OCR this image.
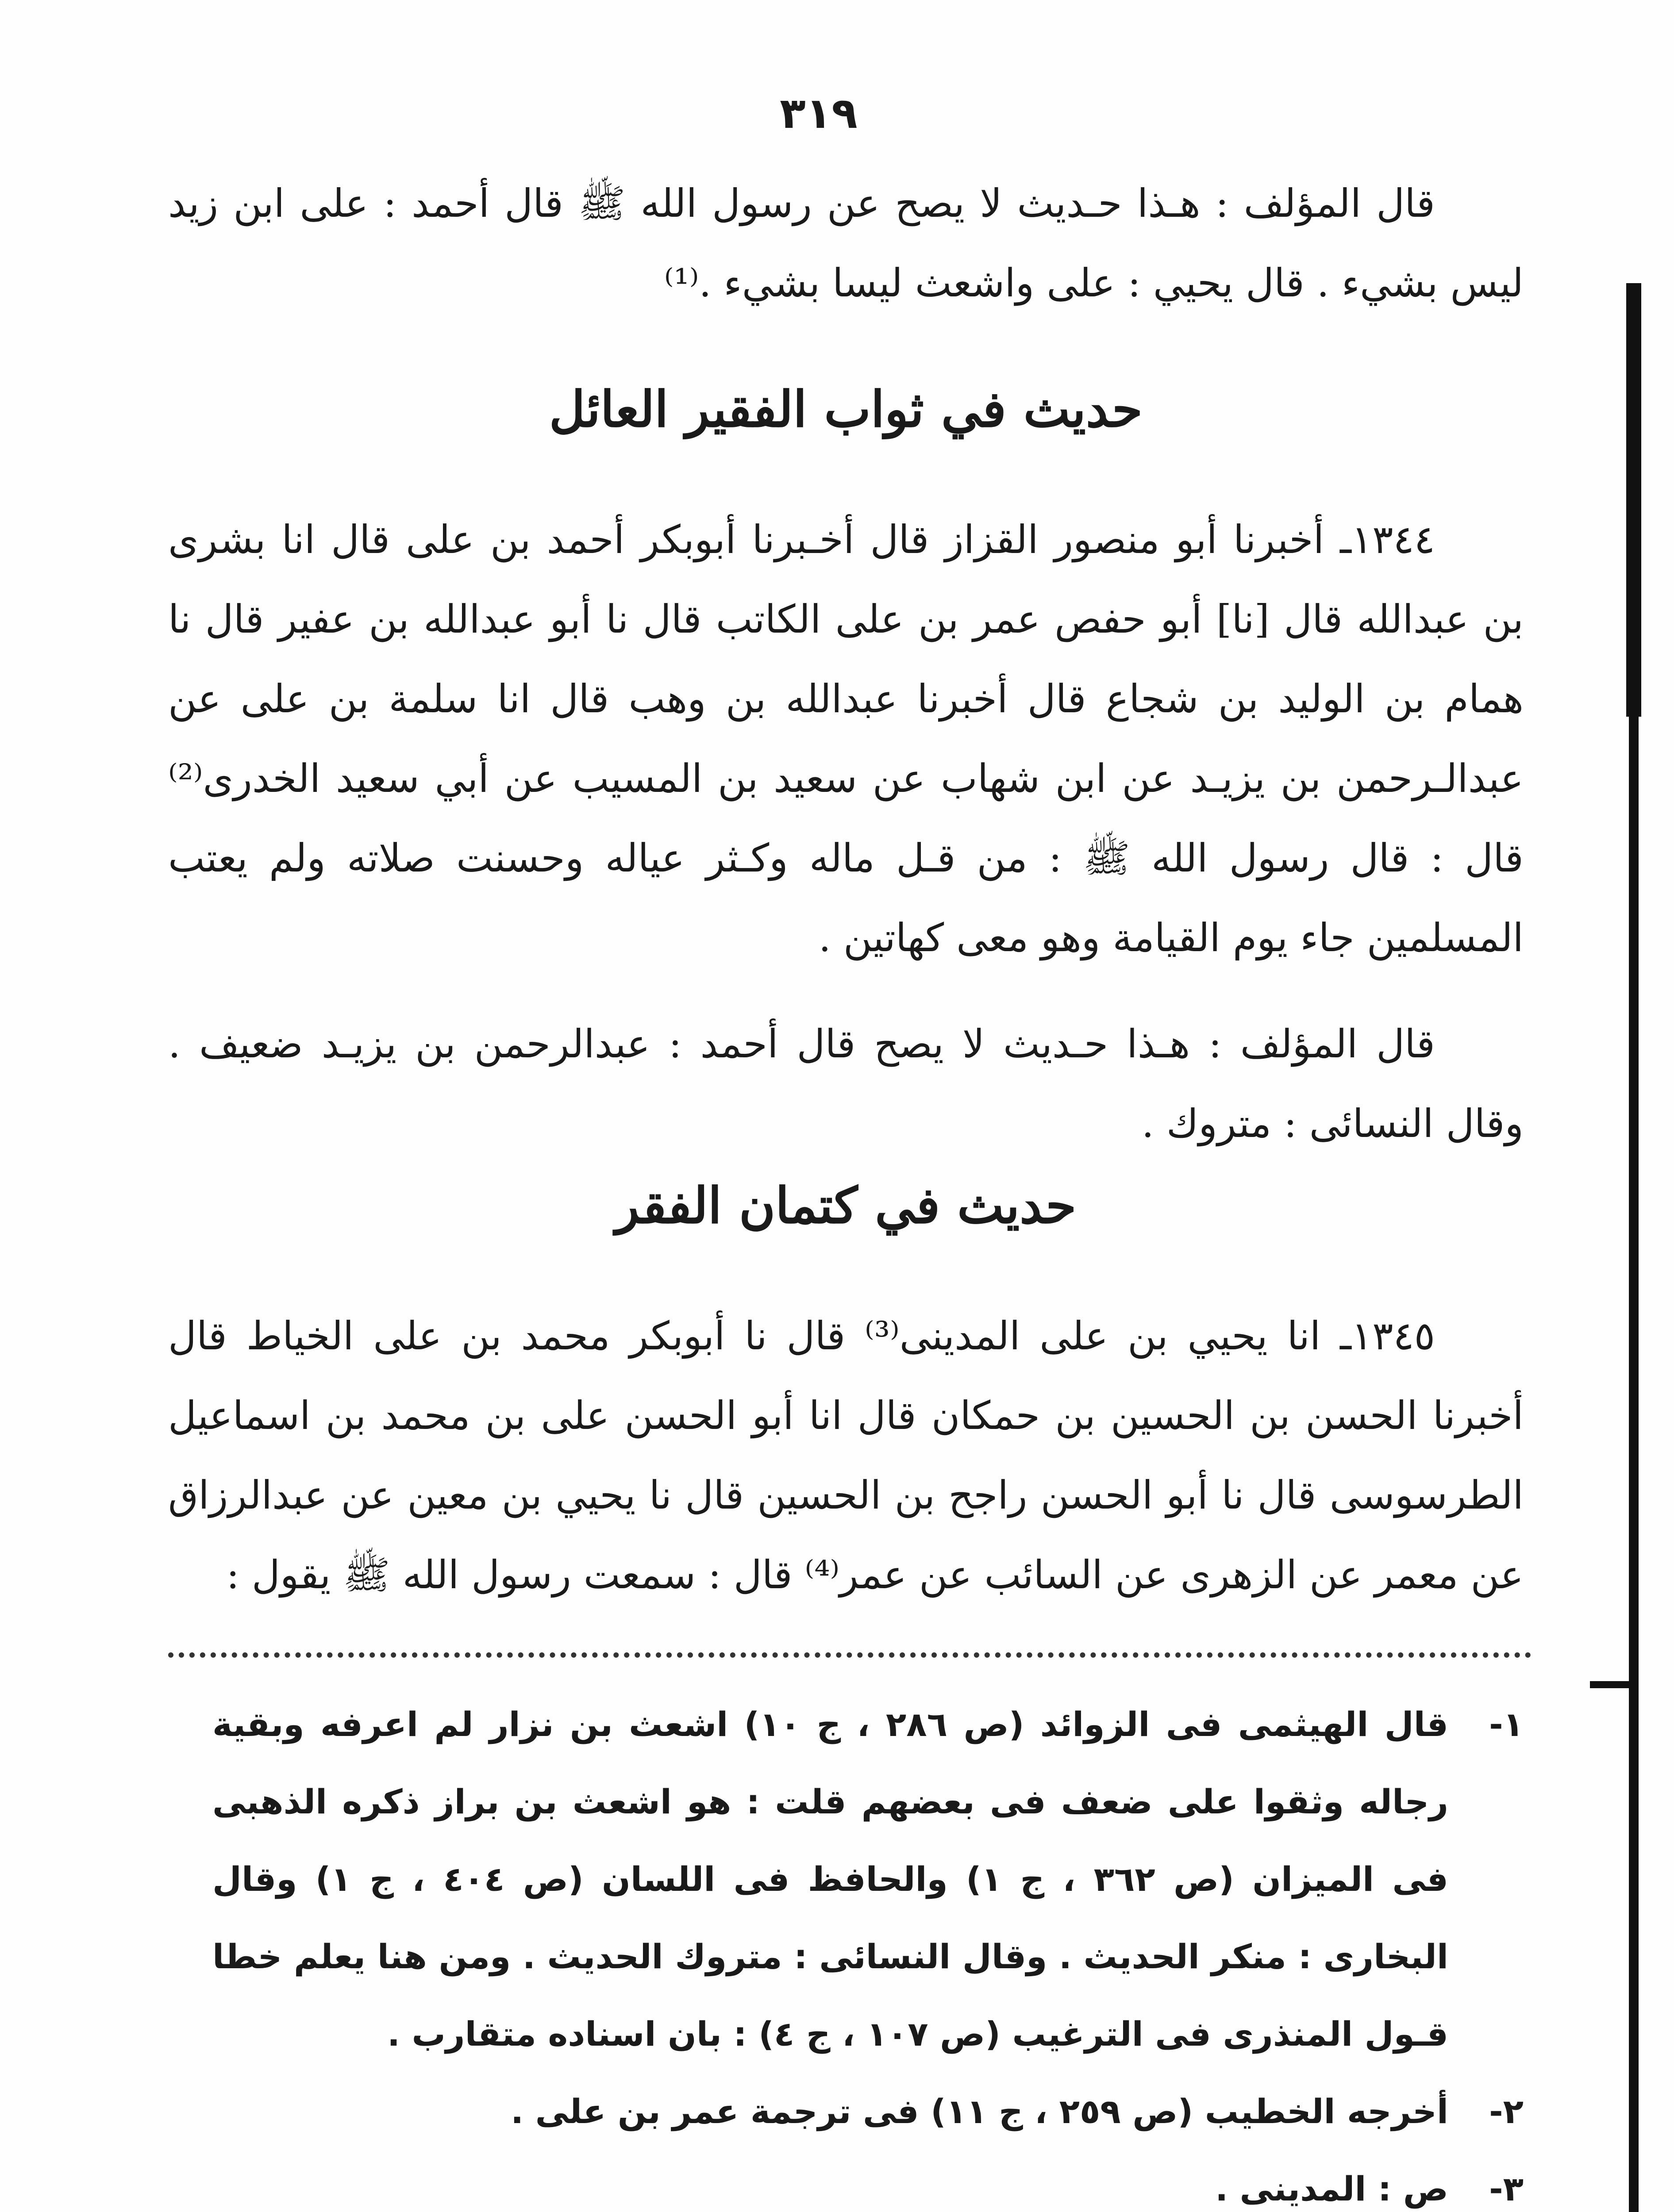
٣١٩

قال المؤلف : هـذا حـديث لا يصح عن رسول الله ﷺ قال أحمد : على ابن زيد ليس بشيء . قال يحيي : على واشعث ليسا بشيء .⁽¹⁾

حديث في ثواب الفقير العائل

١٣٤٤ـ أخبرنا أبو منصور القزاز قال أخـبرنا أبوبكر أحمد بن على قال انا بشرى بن عبدالله قال [نا] أبو حفص عمر بن على الكاتب قال نا أبو عبدالله بن عفير قال نا همام بن الوليد بن شجاع قال أخبرنا عبدالله بن وهب قال انا سلمة بن على عن عبدالـرحمن بن يزيـد عن ابن شهاب عن سعيد بن المسيب عن أبي سعيد الخدرى⁽²⁾ قال : قال رسول الله ﷺ : من قـل ماله وكـثر عياله وحسنت صلاته ولم يعتب المسلمين جاء يوم القيامة وهو معى كهاتين .

قال المؤلف : هـذا حـديث لا يصح قال أحمد : عبدالرحمن بن يزيـد ضعيف . وقال النسائى : متروك .

حديث في كتمان الفقر

١٣٤٥ـ انا يحيي بن على المدينى⁽³⁾ قال نا أبوبكر محمد بن على الخياط قال أخبرنا الحسن بن الحسين بن حمكان قال انا أبو الحسن على بن محمد بن اسماعيل الطرسوسى قال نا أبو الحسن راجح بن الحسين قال نا يحيي بن معين عن عبدالرزاق عن معمر عن الزهرى عن السائب عن عمر⁽⁴⁾ قال : سمعت رسول الله ﷺ يقول :

١-
قال الهيثمى فى الزوائد (ص ٢٨٦ ، ج ١٠) اشعث بن نزار لم اعرفه وبقية رجاله وثقوا على ضعف فى بعضهم قلت : هو اشعث بن براز ذكره الذهبى فى الميزان (ص ٣٦٢ ، ج ١) والحافظ فى اللسان (ص ٤٠٤ ، ج ١) وقال البخارى : منكر الحديث . وقال النسائى : متروك الحديث . ومن هنا يعلم خطا قـول المنذرى فى الترغيب (ص ١٠٧ ، ج ٤) : بان اسناده متقارب .
٢-
أخرجه الخطيب (ص ٢٥٩ ، ج ١١) فى ترجمة عمر بن على .
٣-
ص : المدينى .
